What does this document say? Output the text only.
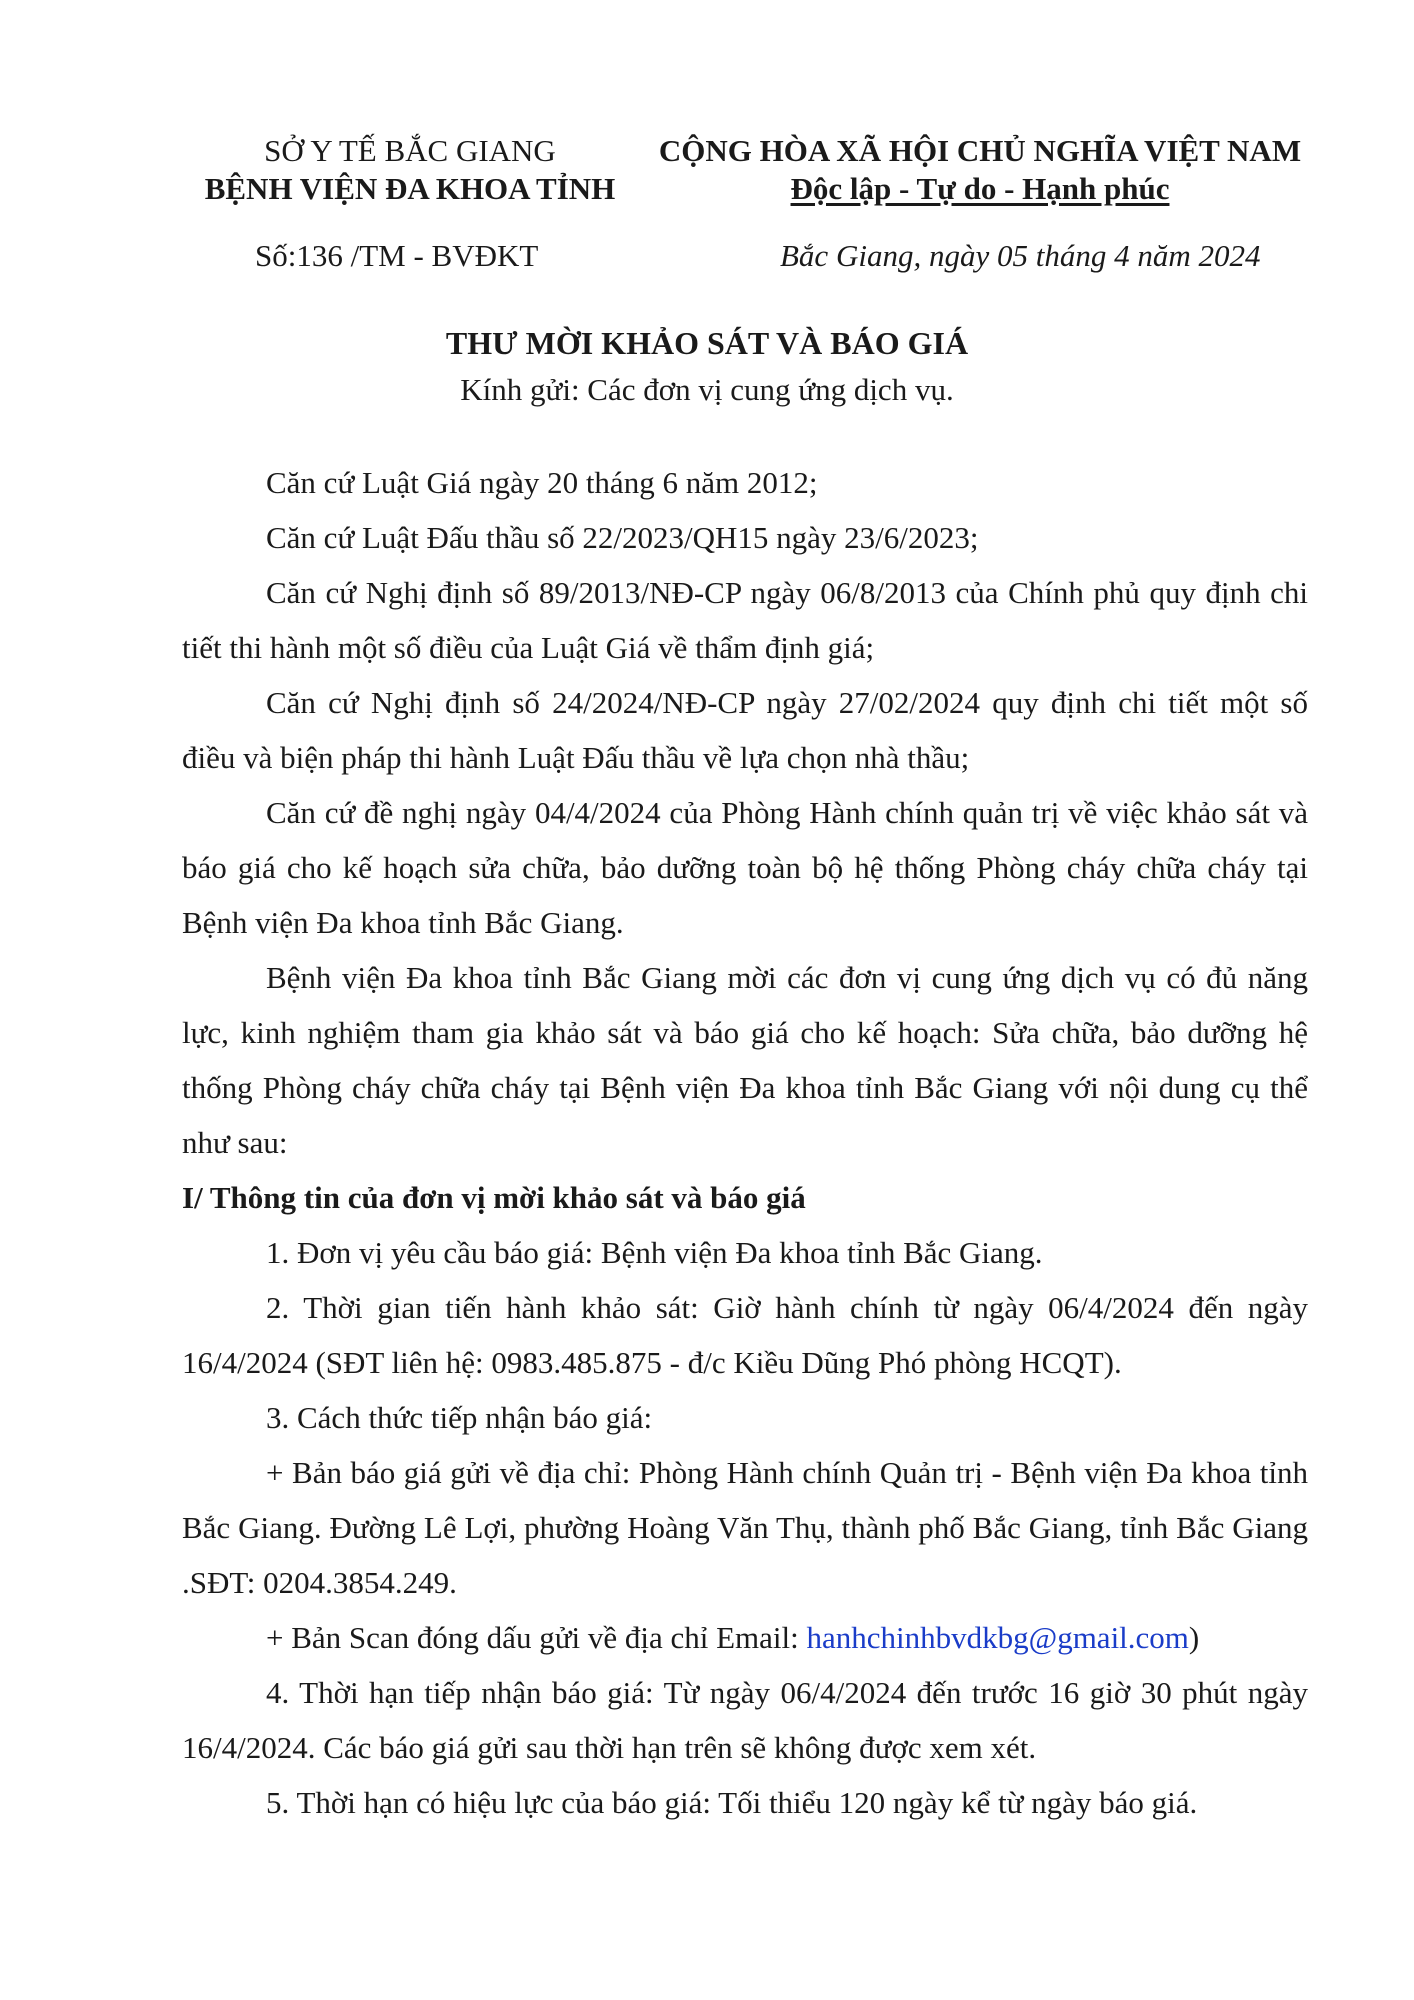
SỞ Y TẾ BẮC GIANG
BỆNH VIỆN ĐA KHOA TỈNH
CỘNG HÒA XÃ HỘI CHỦ NGHĨA VIỆT NAM
Độc lập - Tự do - Hạnh phúc
Số:136 /TM - BVĐKT	Bắc Giang, ngày 05 tháng 4 năm 2024
THƯ MỜI KHẢO SÁT VÀ BÁO GIÁ
Kính gửi: Các đơn vị cung ứng dịch vụ.

Căn cứ Luật Giá ngày 20 tháng 6 năm 2012;

Căn cứ Luật Đấu thầu số 22/2023/QH15 ngày 23/6/2023;

Căn cứ Nghị định số 89/2013/NĐ-CP ngày 06/8/2013 của Chính phủ quy định chi tiết thi hành một số điều của Luật Giá về thẩm định giá;

Căn cứ Nghị định số 24/2024/NĐ-CP ngày 27/02/2024 quy định chi tiết một số điều và biện pháp thi hành Luật Đấu thầu về lựa chọn nhà thầu;

Căn cứ đề nghị ngày 04/4/2024 của Phòng Hành chính quản trị về việc khảo sát và báo giá cho kế hoạch sửa chữa, bảo dưỡng toàn bộ hệ thống Phòng cháy chữa cháy tại Bệnh viện Đa khoa tỉnh Bắc Giang.

Bệnh viện Đa khoa tỉnh Bắc Giang mời các đơn vị cung ứng dịch vụ có đủ năng lực, kinh nghiệm tham gia khảo sát và báo giá cho kế hoạch: Sửa chữa, bảo dưỡng hệ thống Phòng cháy chữa cháy tại Bệnh viện Đa khoa tỉnh Bắc Giang với nội dung cụ thể như sau:

I/ Thông tin của đơn vị mời khảo sát và báo giá

1. Đơn vị yêu cầu báo giá: Bệnh viện Đa khoa tỉnh Bắc Giang.

2. Thời gian tiến hành khảo sát: Giờ hành chính từ ngày 06/4/2024 đến ngày 16/4/2024 (SĐT liên hệ: 0983.485.875 - đ/c Kiều Dũng Phó phòng HCQT).

3. Cách thức tiếp nhận báo giá:

+ Bản báo giá gửi về địa chỉ: Phòng Hành chính Quản trị - Bệnh viện Đa khoa tỉnh Bắc Giang. Đường Lê Lợi, phường Hoàng Văn Thụ, thành phố Bắc Giang, tỉnh Bắc Giang .SĐT: 0204.3854.249.

+ Bản Scan đóng dấu gửi về địa chỉ Email: hanhchinhbvdkbg@gmail.com)

4. Thời hạn tiếp nhận báo giá: Từ ngày 06/4/2024 đến trước 16 giờ 30 phút ngày 16/4/2024. Các báo giá gửi sau thời hạn trên sẽ không được xem xét.

5. Thời hạn có hiệu lực của báo giá: Tối thiểu 120 ngày kể từ ngày báo giá.
